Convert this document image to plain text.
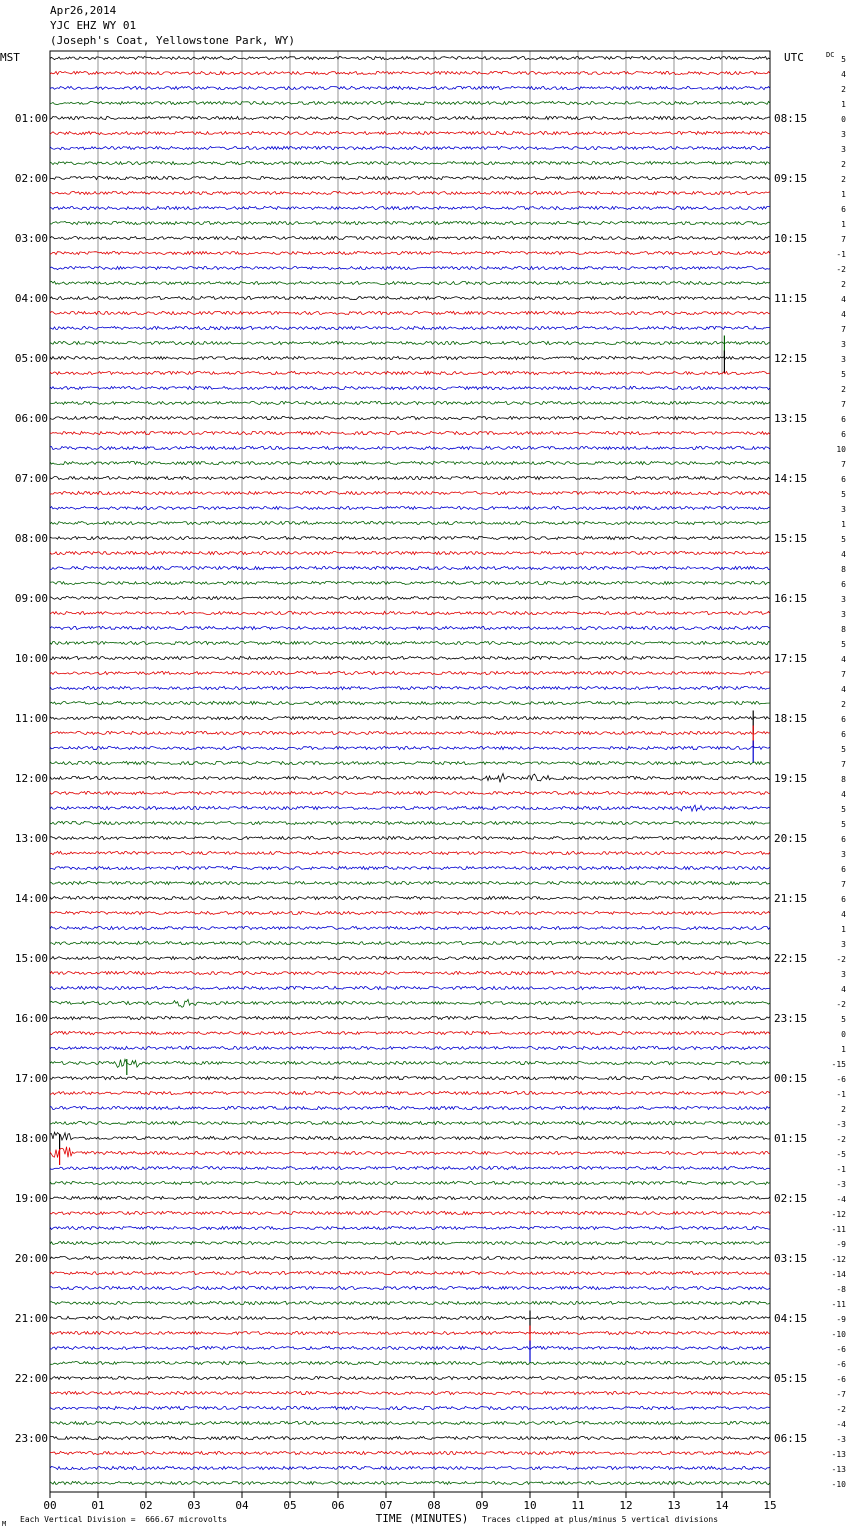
Apr26,2014
YJC EHZ WY 01
(Joseph's Coat, Yellowstone Park, WY)
5
4
2
1
0
3
3
2
2
1
6
1
7
-1
-2
2
4
4
7
3
3
5
2
7
6
6
10
7
6
5
3
1
5
4
8
6
3
3
8
5
4
7
4
2
6
6
5
7
8
4
5
5
6
3
6
7
6
4
1
3
-2
3
4
-2
5
0
1
-15
-6
-1
2
-3
-2
-5
-1
-3
-4
-12
-11
-9
-12
-14
-8
-11
-9
-10
-6
-6
-6
-7
-2
-4
-3
-13
-13
-10
01:00
02:00
03:00
04:00
05:00
06:00
07:00
08:00
09:00
10:00
11:00
12:00
13:00
14:00
15:00
16:00
17:00
18:00
19:00
20:00
21:00
22:00
23:00
08:15
09:15
10:15
11:15
12:15
13:15
14:15
15:15
16:15
17:15
18:15
19:15
20:15
21:15
22:15
23:15
00:15
01:15
02:15
03:15
04:15
05:15
06:15
MST	UTC	DC
00	01	02	03	04	05	06	07	08	09	10	11	12	13	14	15
TIME (MINUTES)
Each Vertical Division =  666.67 microvolts	Traces clipped at plus/minus 5 vertical divisions
M
